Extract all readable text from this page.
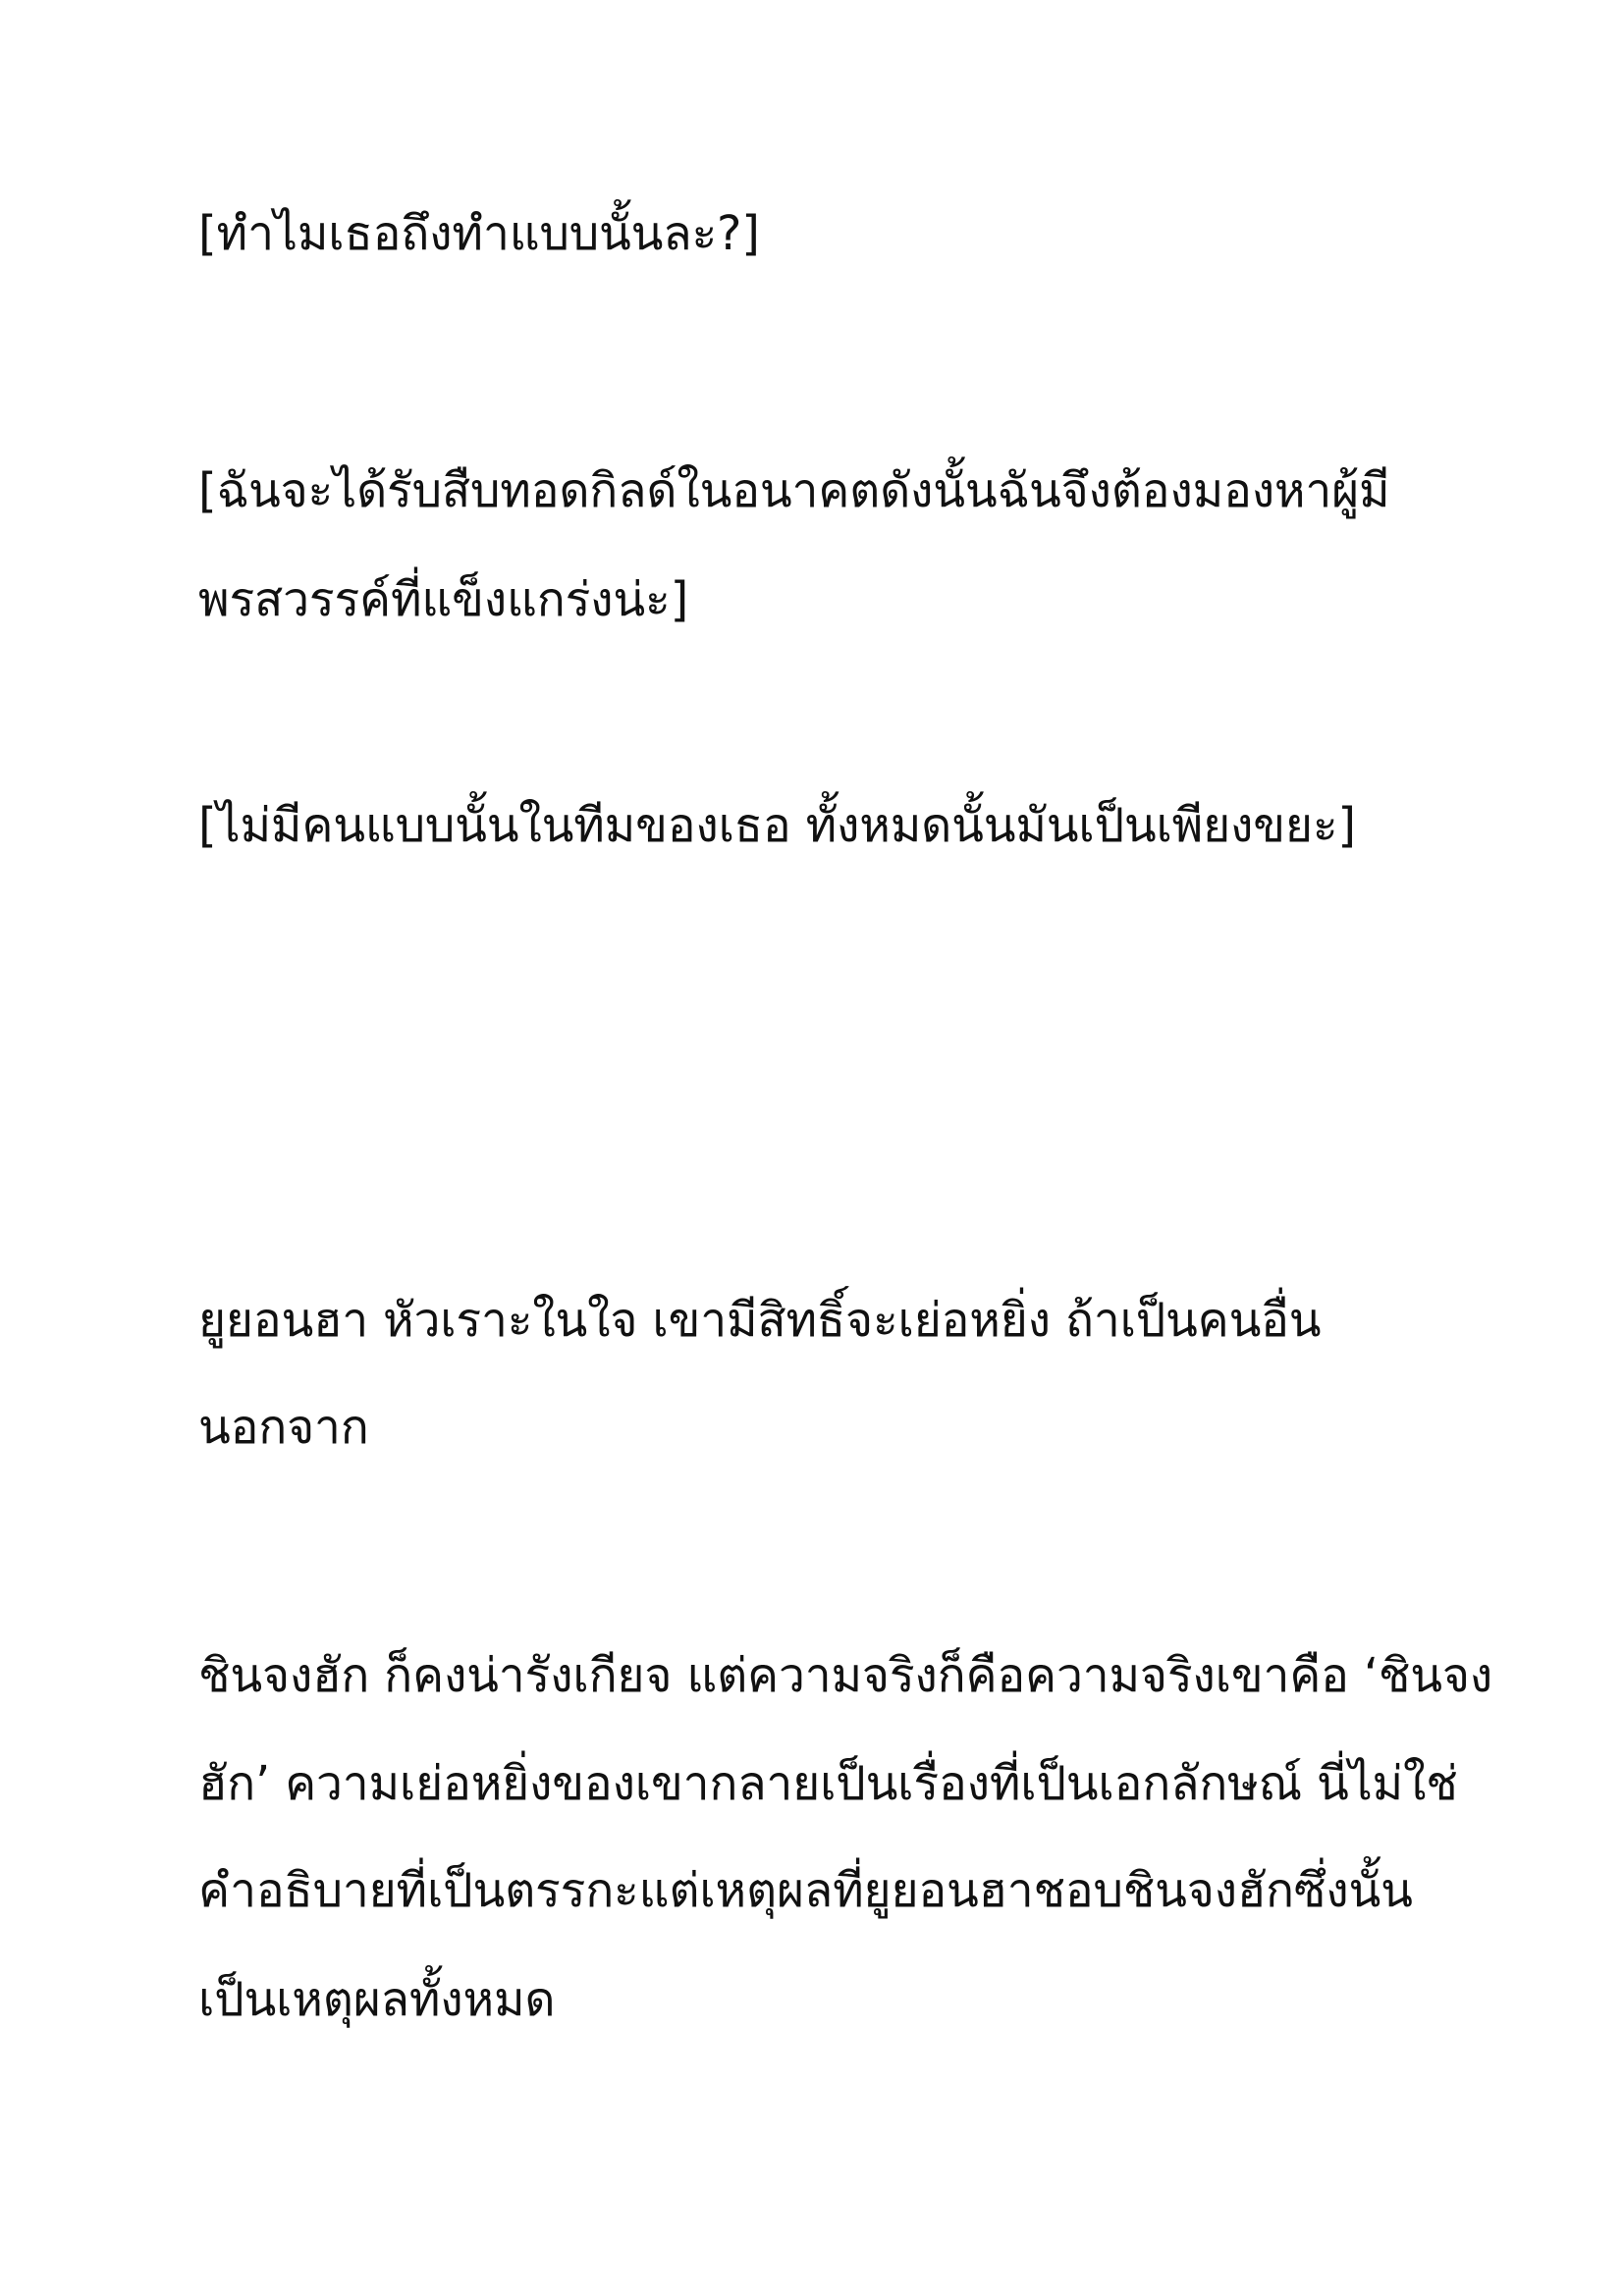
[ทำไมเธอถึงทำแบบนั้นละ?]
[ฉันจะได้รับสืบทอดกิลด์ในอนาคตดังนั้นฉันจึงต้องมองหาผู้มี
พรสวรรค์ที่แข็งแกร่งน่ะ]
[ไม่มีคนแบบนั้นในทีมของเธอ ทั้งหมดนั้นมันเป็นเพียงขยะ]
ยูยอนฮา หัวเราะในใจ เขามีสิทธิ์จะเย่อหยิ่ง ถ้าเป็นคนอื่น
นอกจาก
ชินจงฮัก ก็คงน่ารังเกียจ แต่ความจริงก็คือความจริงเขาคือ ‘ชินจง
ฮัก’ ความเย่อหยิ่งของเขากลายเป็นเรื่องที่เป็นเอกลักษณ์ นี่ไม่ใช่
คำอธิบายที่เป็นตรรกะแต่เหตุผลที่ยูยอนฮาชอบชินจงฮักซึ่งนั้น
เป็นเหตุผลทั้งหมด
